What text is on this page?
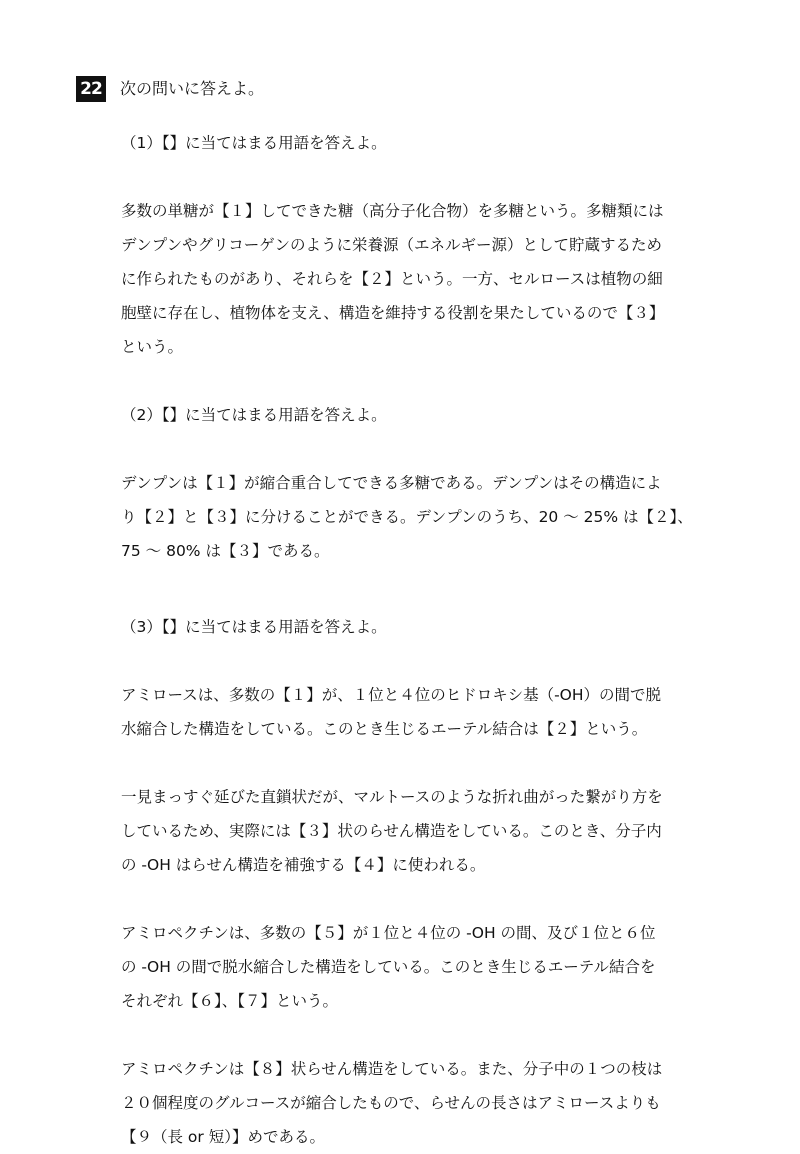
22 次の問いに答えよ。
（1）【】に当てはまる用語を答えよ。
多数の単糖が【１】してできた糖（高分子化合物）を多糖という。多糖類には
デンプンやグリコーゲンのように栄養源（エネルギー源）として貯蔵するため
に作られたものがあり、それらを【２】という。一方、セルロースは植物の細
胞壁に存在し、植物体を支え、構造を維持する役割を果たしているので【３】
という。
（2）【】に当てはまる用語を答えよ。
デンプンは【１】が縮合重合してできる多糖である。デンプンはその構造によ
り【２】と【３】に分けることができる。デンプンのうち、20 〜 25% は【２】、
75 〜 80% は【３】である。
（3）【】に当てはまる用語を答えよ。
アミロースは、多数の【１】が、１位と４位のヒドロキシ基（-OH）の間で脱
水縮合した構造をしている。このとき生じるエーテル結合は【２】という。
一見まっすぐ延びた直鎖状だが、マルトースのような折れ曲がった繋がり方を
しているため、実際には【３】状のらせん構造をしている。このとき、分子内
の -OH はらせん構造を補強する【４】に使われる。
アミロペクチンは、多数の【５】が１位と４位の -OH の間、及び１位と６位
の -OH の間で脱水縮合した構造をしている。このとき生じるエーテル結合を
それぞれ【６】、【７】という。
アミロペクチンは【８】状らせん構造をしている。また、分子中の１つの枝は
２０個程度のグルコースが縮合したもので、らせんの長さはアミロースよりも
【９（長 or 短）】めである。
